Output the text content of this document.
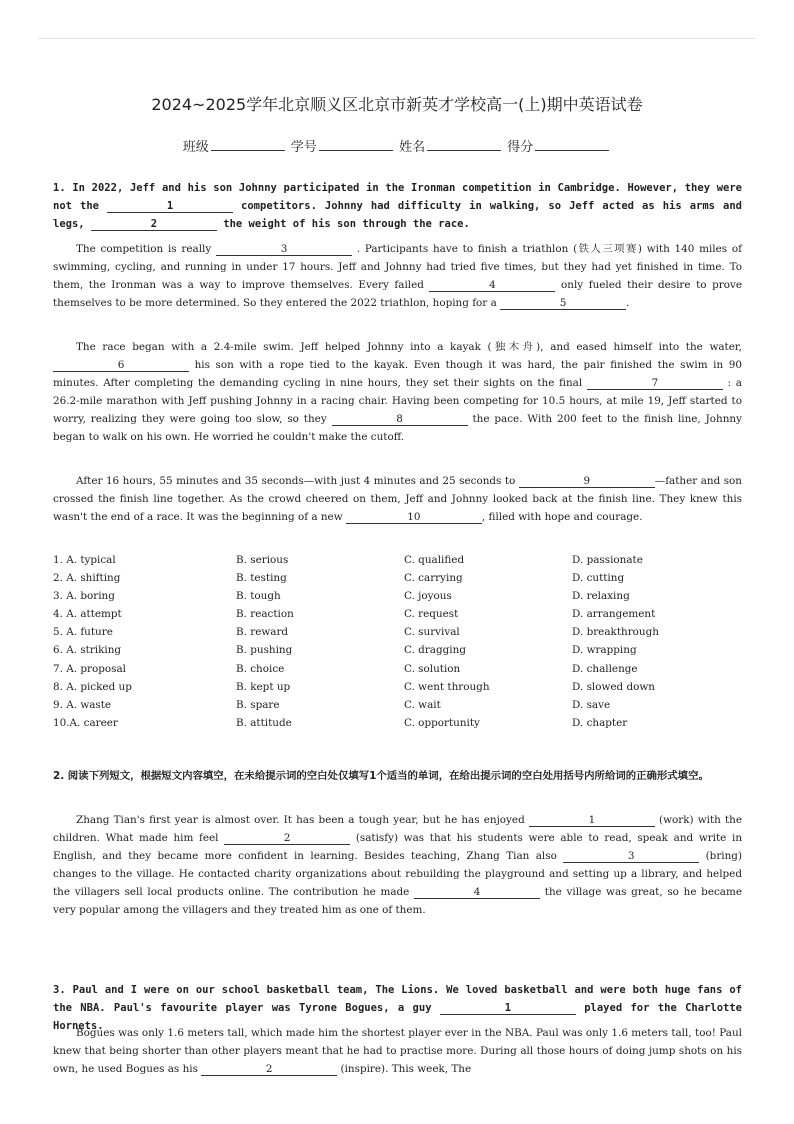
2024~2025学年北京顺义区北京市新英才学校高一(上)期中英语试卷
班级	学号	姓名	得分
1. In 2022, Jeff and his son Johnny participated in the Ironman competition in Cambridge. However, they were not the	1	competitors. Johnny had difficulty in walking, so Jeff acted as his arms and legs,	2	the weight of his son through the race.

The competition is really	3	. Participants have to finish a triathlon (铁人三项赛) with 140 miles of swimming, cycling, and running in under 17 hours. Jeff and Johnny had tried five times, but they had yet finished in time. To them, the Ironman was a way to improve themselves. Every failed	4	only fueled their desire to prove themselves to be more determined. So they entered the 2022 triathlon, hoping for a	5	.

The race began with a 2.4-mile swim. Jeff helped Johnny into a kayak (独木舟), and eased himself into the water, 6	his son with a rope tied to the kayak. Even though it was hard, the pair finished the swim in 90 minutes. After completing the demanding cycling in nine hours, they set their sights on the final	7	: a 26.2-mile marathon with Jeff pushing Johnny in a racing chair. Having been competing for 10.5 hours, at mile 19, Jeff started to worry, realizing they were going too slow, so they	8	the pace. With 200 feet to the finish line, Johnny began to walk on his own. He worried he couldn't make the cutoff.

After 16 hours, 55 minutes and 35 seconds—with just 4 minutes and 25 seconds to	9	—father and son crossed the finish line together. As the crowd cheered on them, Jeff and Johnny looked back at the finish line. They knew this wasn't the end of a race. It was the beginning of a new	10	, filled with hope and courage.

1. A. typical	B. serious	C. qualified	D. passionate
2. A. shifting	B. testing	C. carrying	D. cutting
3. A. boring	B. tough	C. joyous	D. relaxing
4. A. attempt	B. reaction	C. request	D. arrangement
5. A. future	B. reward	C. survival	D. breakthrough
6. A. striking	B. pushing	C. dragging	D. wrapping
7. A. proposal	B. choice	C. solution	D. challenge
8. A. picked up	B. kept up	C. went through	D. slowed down
9. A. waste	B. spare	C. wait	D. save
10.A. career	B. attitude	C. opportunity	D. chapter
2. 阅读下列短文，根据短文内容填空，在未给提示词的空白处仅填写1个适当的单词，在给出提示词的空白处用括号内所给词的正确形式填空。

Zhang Tian's first year is almost over. It has been a tough year, but he has enjoyed	1	(work) with the children. What made him feel	2	(satisfy) was that his students were able to read, speak and write in English, and they became more confident in learning. Besides teaching, Zhang Tian also	3	(bring) changes to the village. He contacted charity organizations about rebuilding the playground and setting up a library, and helped the villagers sell local products online. The contribution he made	4	the village was great, so he became very popular among the villagers and they treated him as one of them.

3. Paul and I were on our school basketball team, The Lions. We loved basketball and were both huge fans of the NBA. Paul's favourite player was Tyrone Bogues, a guy	1	played for the Charlotte Hornets.

Bogues was only 1.6 meters tall, which made him the shortest player ever in the NBA. Paul was only 1.6 meters tall, too! Paul knew that being shorter than other players meant that he had to practise more. During all those hours of doing jump shots on his own, he used Bogues as his	2	(inspire). This week, The
